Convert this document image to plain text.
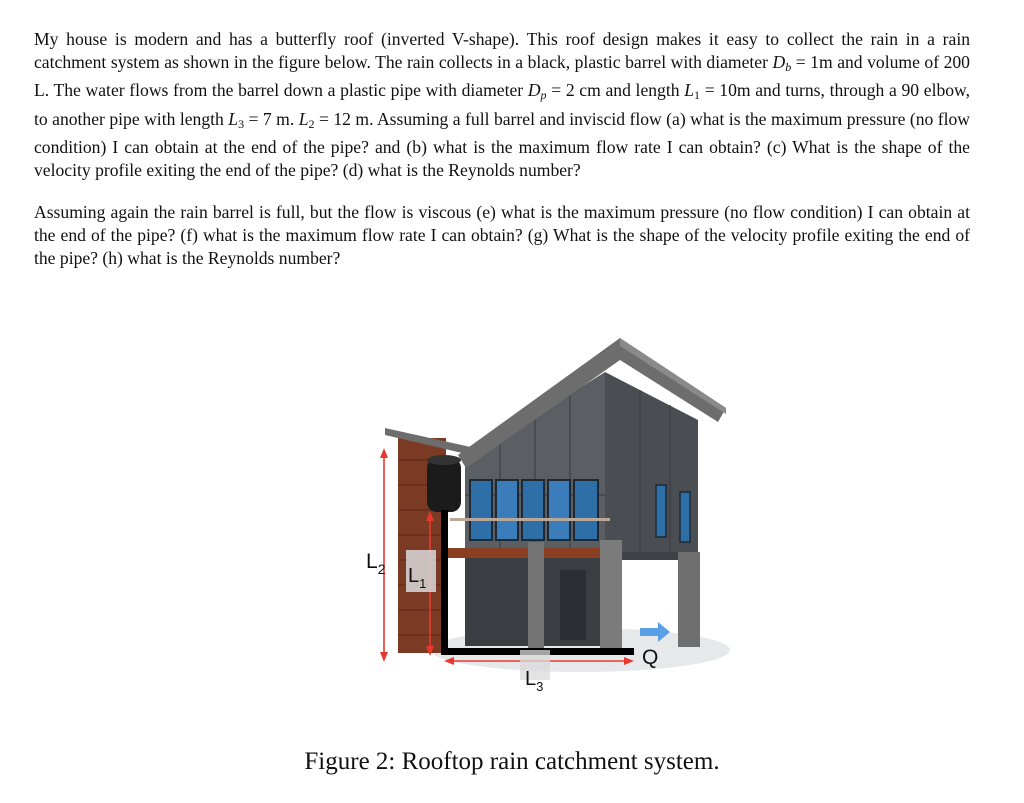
My house is modern and has a butterfly roof (inverted V-shape). This roof design makes it easy to collect the rain in a rain catchment system as shown in the figure below. The rain collects in a black, plastic barrel with diameter $D_b = 1m$ and volume of 200 L. The water flows from the barrel down a plastic pipe with diameter $D_p = 2$ cm and length $L_1 = 10m$ and turns, through a 90 elbow, to another pipe with length $L_3 = 7$ m. $L_2 = 12$ m. Assuming a full barrel and inviscid flow (a) what is the maximum pressure (no flow condition) I can obtain at the end of the pipe? and (b) what is the maximum flow rate I can obtain? (c) What is the shape of the velocity profile exiting the end of the pipe? (d) what is the Reynolds number?

Assuming again the rain barrel is full, but the flow is viscous (e) what is the maximum pressure (no flow condition) I can obtain at the end of the pipe? (f) what is the maximum flow rate I can obtain? (g) What is the shape of the velocity profile exiting the end of the pipe? (h) what is the Reynolds number?

$L_2$ $L_1$
$L_3$
Q
Figure 2: Rooftop rain catchment system.
